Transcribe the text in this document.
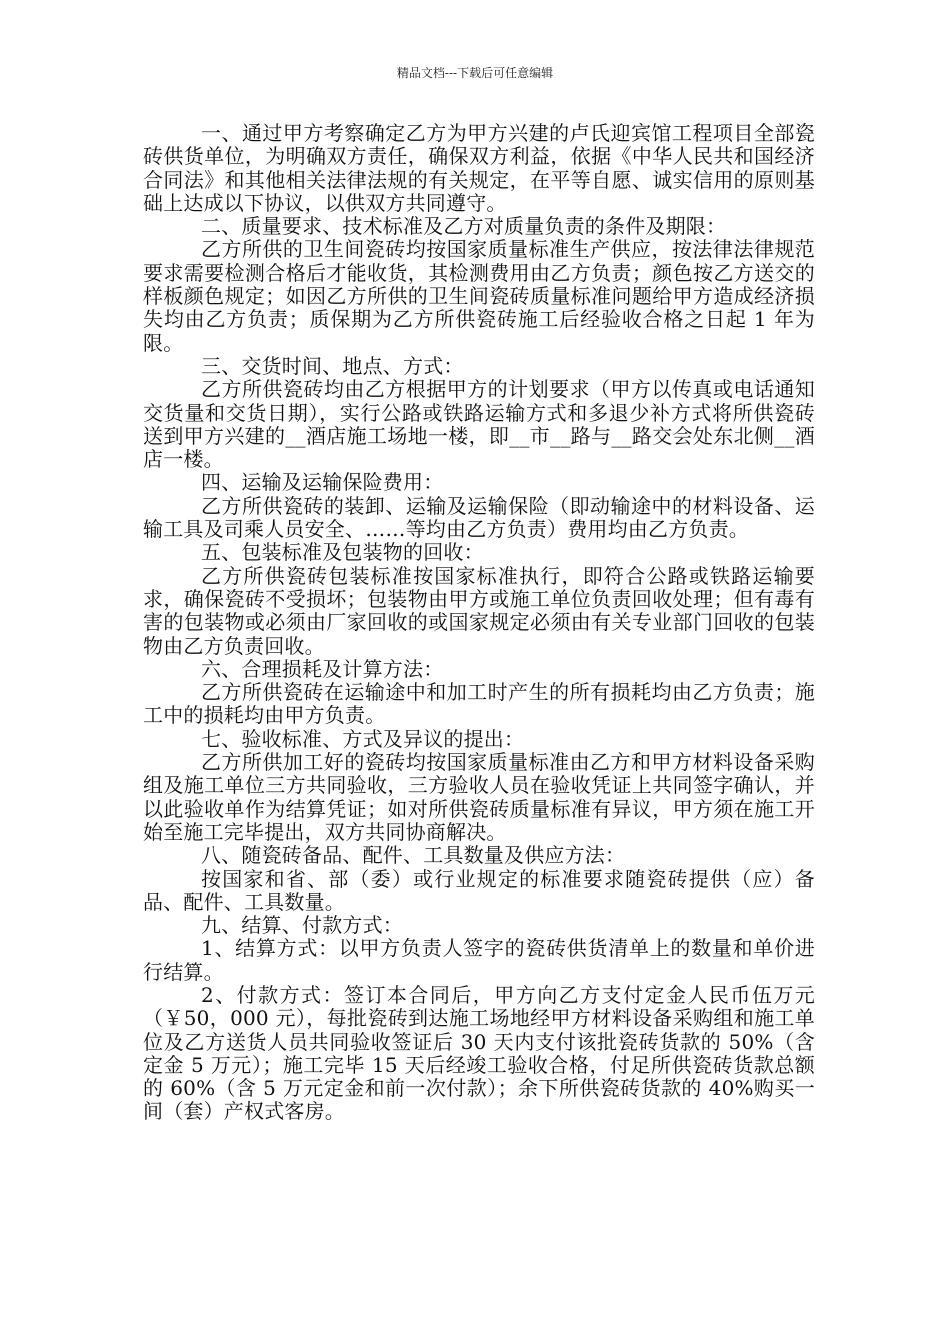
精品文档---下载后可任意编辑

一、通过甲方考察确定乙方为甲方兴建的卢氏迎宾馆工程项目全部瓷砖供货单位，为明确双方责任，确保双方利益，依据《中华人民共和国经济合同法》和其他相关法律法规的有关规定，在平等自愿、诚实信用的原则基础上达成以下协议，以供双方共同遵守。

二、质量要求、技术标准及乙方对质量负责的条件及期限：

乙方所供的卫生间瓷砖均按国家质量标准生产供应，按法律法律规范要求需要检测合格后才能收货，其检测费用由乙方负责；颜色按乙方送交的样板颜色规定；如因乙方所供的卫生间瓷砖质量标准问题给甲方造成经济损失均由乙方负责；质保期为乙方所供瓷砖施工后经验收合格之日起 1 年为限。

三、交货时间、地点、方式：

乙方所供瓷砖均由乙方根据甲方的计划要求（甲方以传真或电话通知交货量和交货日期），实行公路或铁路运输方式和多退少补方式将所供瓷砖送到甲方兴建的__酒店施工场地一楼，即__市__路与__路交会处东北侧__酒店一楼。

四、运输及运输保险费用：

乙方所供瓷砖的装卸、运输及运输保险（即动输途中的材料设备、运输工具及司乘人员安全、……等均由乙方负责）费用均由乙方负责。

五、包装标准及包装物的回收：

乙方所供瓷砖包装标准按国家标准执行，即符合公路或铁路运输要求，确保瓷砖不受损坏；包装物由甲方或施工单位负责回收处理；但有毒有害的包装物或必须由厂家回收的或国家规定必须由有关专业部门回收的包装物由乙方负责回收。

六、合理损耗及计算方法：

乙方所供瓷砖在运输途中和加工时产生的所有损耗均由乙方负责；施工中的损耗均由甲方负责。

七、验收标准、方式及异议的提出：

乙方所供加工好的瓷砖均按国家质量标准由乙方和甲方材料设备采购组及施工单位三方共同验收，三方验收人员在验收凭证上共同签字确认，并以此验收单作为结算凭证；如对所供瓷砖质量标准有异议，甲方须在施工开始至施工完毕提出，双方共同协商解决。

八、随瓷砖备品、配件、工具数量及供应方法：

按国家和省、部（委）或行业规定的标准要求随瓷砖提供（应）备品、配件、工具数量。

九、结算、付款方式：

1、结算方式：以甲方负责人签字的瓷砖供货清单上的数量和单价进行结算。

2、付款方式：签订本合同后，甲方向乙方支付定金人民币伍万元（￥50，000 元），每批瓷砖到达施工场地经甲方材料设备采购组和施工单位及乙方送货人员共同验收签证后 30 天内支付该批瓷砖货款的 50%（含定金 5 万元）；施工完毕 15 天后经竣工验收合格，付足所供瓷砖货款总额的 60%（含 5 万元定金和前一次付款）；余下所供瓷砖货款的 40%购买一间（套）产权式客房。
